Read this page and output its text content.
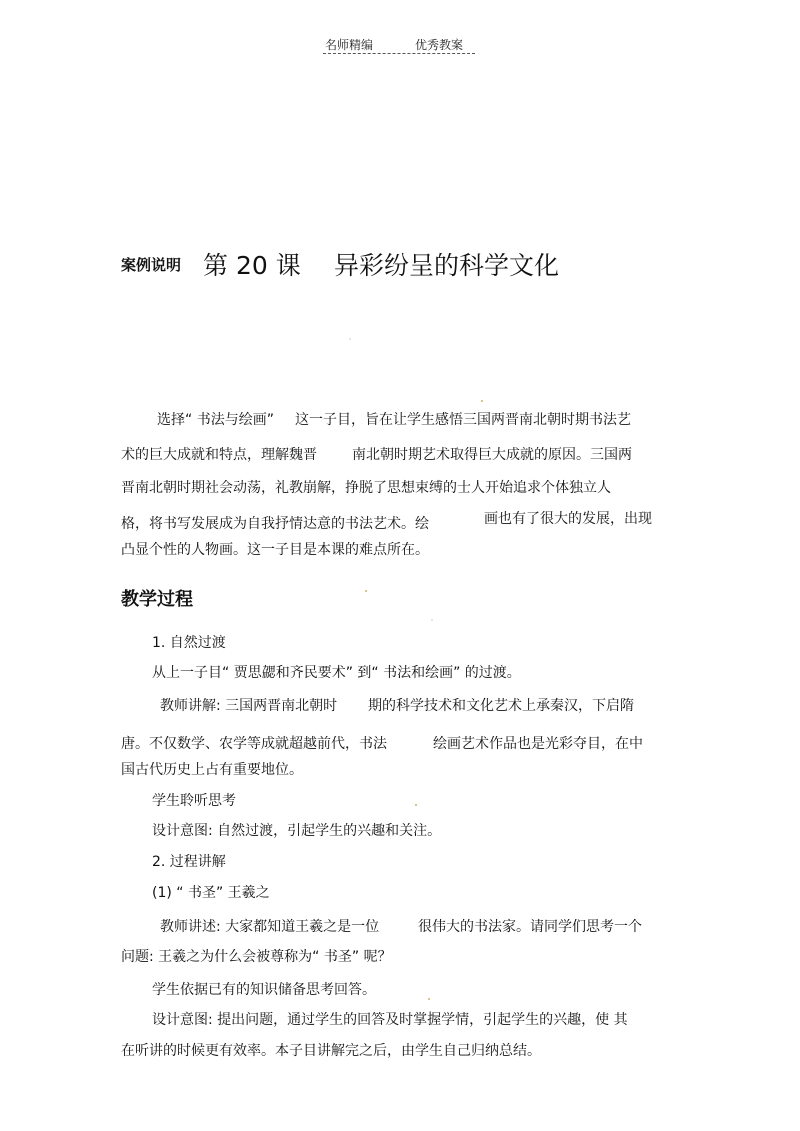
名师精编	优秀教案
案例说明 第 20 课 异彩纷呈的科学文化
选择“ 书法与绘画” 这一子目，旨在让学生感悟三国两晋南北朝时期书法艺
术的巨大成就和特点，理解魏晋	南北朝时期艺术取得巨大成就的原因。三国两
晋南北朝时期社会动荡，礼教崩解，挣脱了思想束缚的士人开始追求个体独立人
格，将书写发展成为自我抒情达意的书法艺术。绘	画也有了很大的发展，出现
凸显个性的人物画。这一子目是本课的难点所在。
教学过程
1. 自然过渡
从上一子目“ 贾思勰和齐民要术” 到“ 书法和绘画” 的过渡。
教师讲解: 三国两晋南北朝时 期的科学技术和文化艺术上承秦汉，下启隋
唐。不仅数学、农学等成就超越前代，书法	绘画艺术作品也是光彩夺目，在中
国古代历史上占有重要地位。
学生聆听思考
设计意图: 自然过渡，引起学生的兴趣和关注。
2. 过程讲解
(1) “ 书圣” 王羲之
教师讲述: 大家都知道王羲之是一位	很伟大的书法家。请同学们思考一个
问题: 王羲之为什么会被尊称为“ 书圣” 呢？
学生依据已有的知识储备思考回答。
设计意图: 提出问题，通过学生的回答及时掌握学情，引起学生的兴趣，使 其
在听讲的时候更有效率。本子目讲解完之后，由学生自己归纳总结。
